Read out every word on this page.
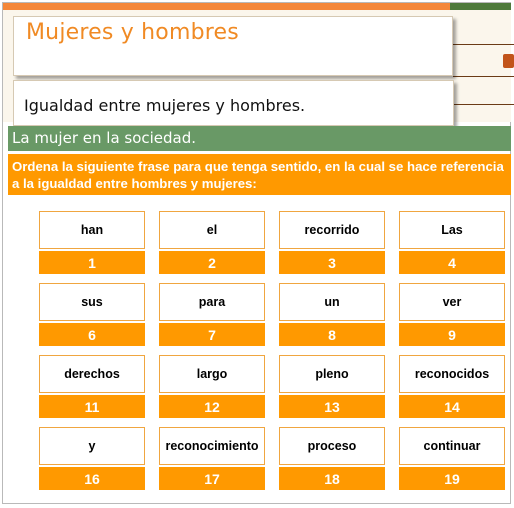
Mujeres y hombres
Igualdad entre mujeres y hombres.
La mujer en la sociedad.
Ordena la siguiente frase para que tenga sentido, en la cual se hace referencia a la igualdad entre hombres y mujeres:
han
1
el
2
recorrido
3
Las
4
sus
6
para
7
un
8
ver
9
derechos
11
largo
12
pleno
13
reconocidos
14
y
16
reconocimiento
17
proceso
18
continuar
19
